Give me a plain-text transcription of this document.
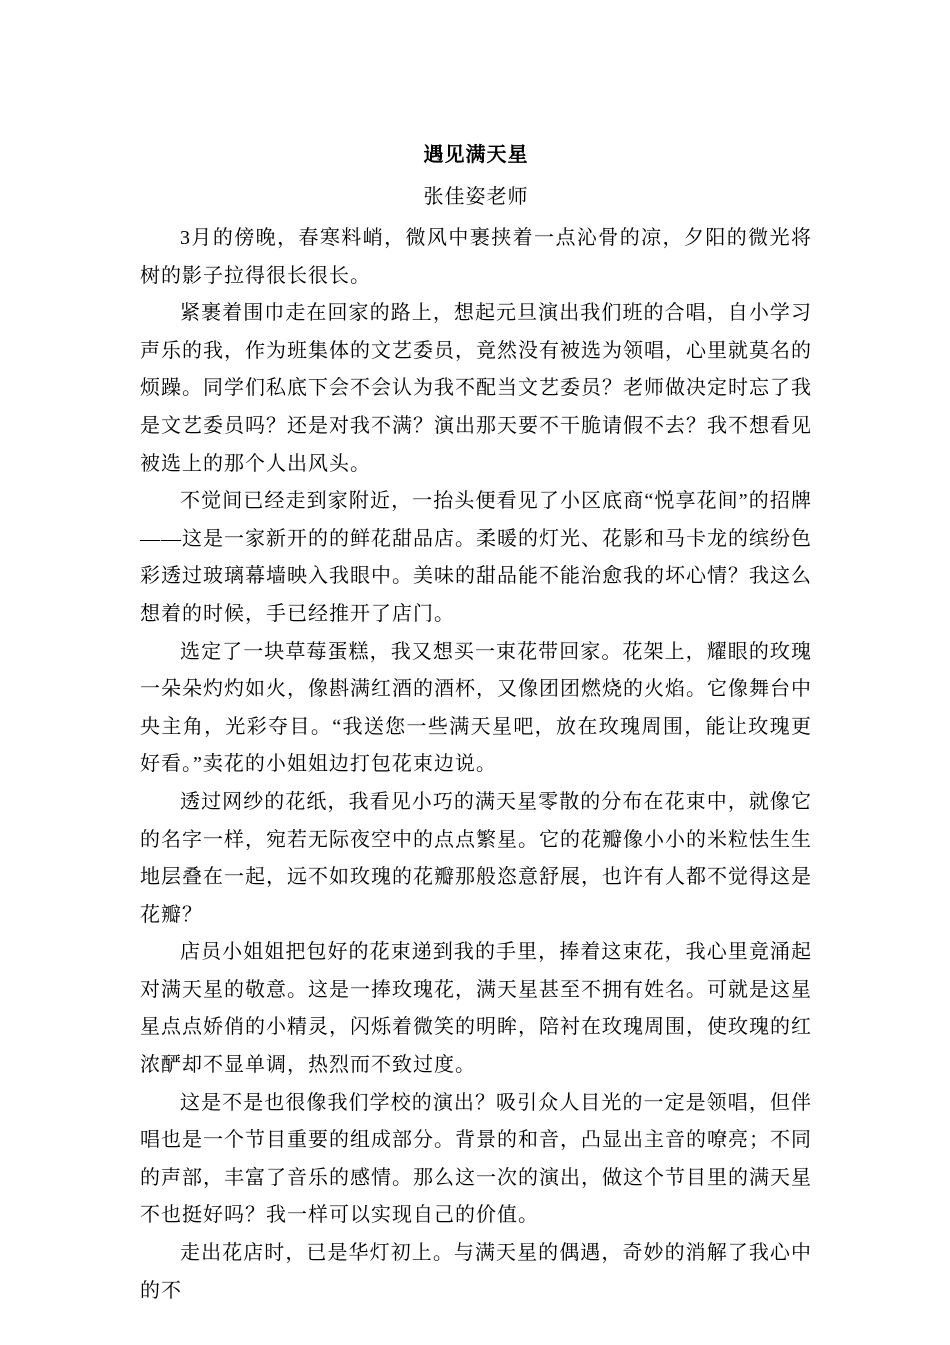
遇见满天星
张佳姿老师

3月的傍晚，春寒料峭，微风中裹挟着一点沁骨的凉，夕阳的微光将树的影子拉得很长很长。

紧裹着围巾走在回家的路上，想起元旦演出我们班的合唱，自小学习声乐的我，作为班集体的文艺委员，竟然没有被选为领唱，心里就莫名的烦躁。同学们私底下会不会认为我不配当文艺委员？老师做决定时忘了我是文艺委员吗？还是对我不满？演出那天要不干脆请假不去？我不想看见被选上的那个人出风头。

不觉间已经走到家附近，一抬头便看见了小区底商“悦享花间”的招牌——这是一家新开的的鲜花甜品店。柔暖的灯光、花影和马卡龙的缤纷色彩透过玻璃幕墙映入我眼中。美味的甜品能不能治愈我的坏心情？我这么想着的时候，手已经推开了店门。

选定了一块草莓蛋糕，我又想买一束花带回家。花架上，耀眼的玫瑰一朵朵灼灼如火，像斟满红酒的酒杯，又像团团燃烧的火焰。它像舞台中央主角，光彩夺目。“我送您一些满天星吧，放在玫瑰周围，能让玫瑰更好看。”卖花的小姐姐边打包花束边说。

透过网纱的花纸，我看见小巧的满天星零散的分布在花束中，就像它的名字一样，宛若无际夜空中的点点繁星。它的花瓣像小小的米粒怯生生地层叠在一起，远不如玫瑰的花瓣那般恣意舒展，也许有人都不觉得这是花瓣？

店员小姐姐把包好的花束递到我的手里，捧着这束花，我心里竟涌起对满天星的敬意。这是一捧玫瑰花，满天星甚至不拥有姓名。可就是这星星点点娇俏的小精灵，闪烁着微笑的明眸，陪衬在玫瑰周围，使玫瑰的红浓酽却不显单调，热烈而不致过度。

这是不是也很像我们学校的演出？吸引众人目光的一定是领唱，但伴唱也是一个节目重要的组成部分。背景的和音，凸显出主音的嘹亮；不同的声部，丰富了音乐的感情。那么这一次的演出，做这个节目里的满天星不也挺好吗？我一样可以实现自己的价值。

走出花店时，已是华灯初上。与满天星的偶遇，奇妙的消解了我心中的不
